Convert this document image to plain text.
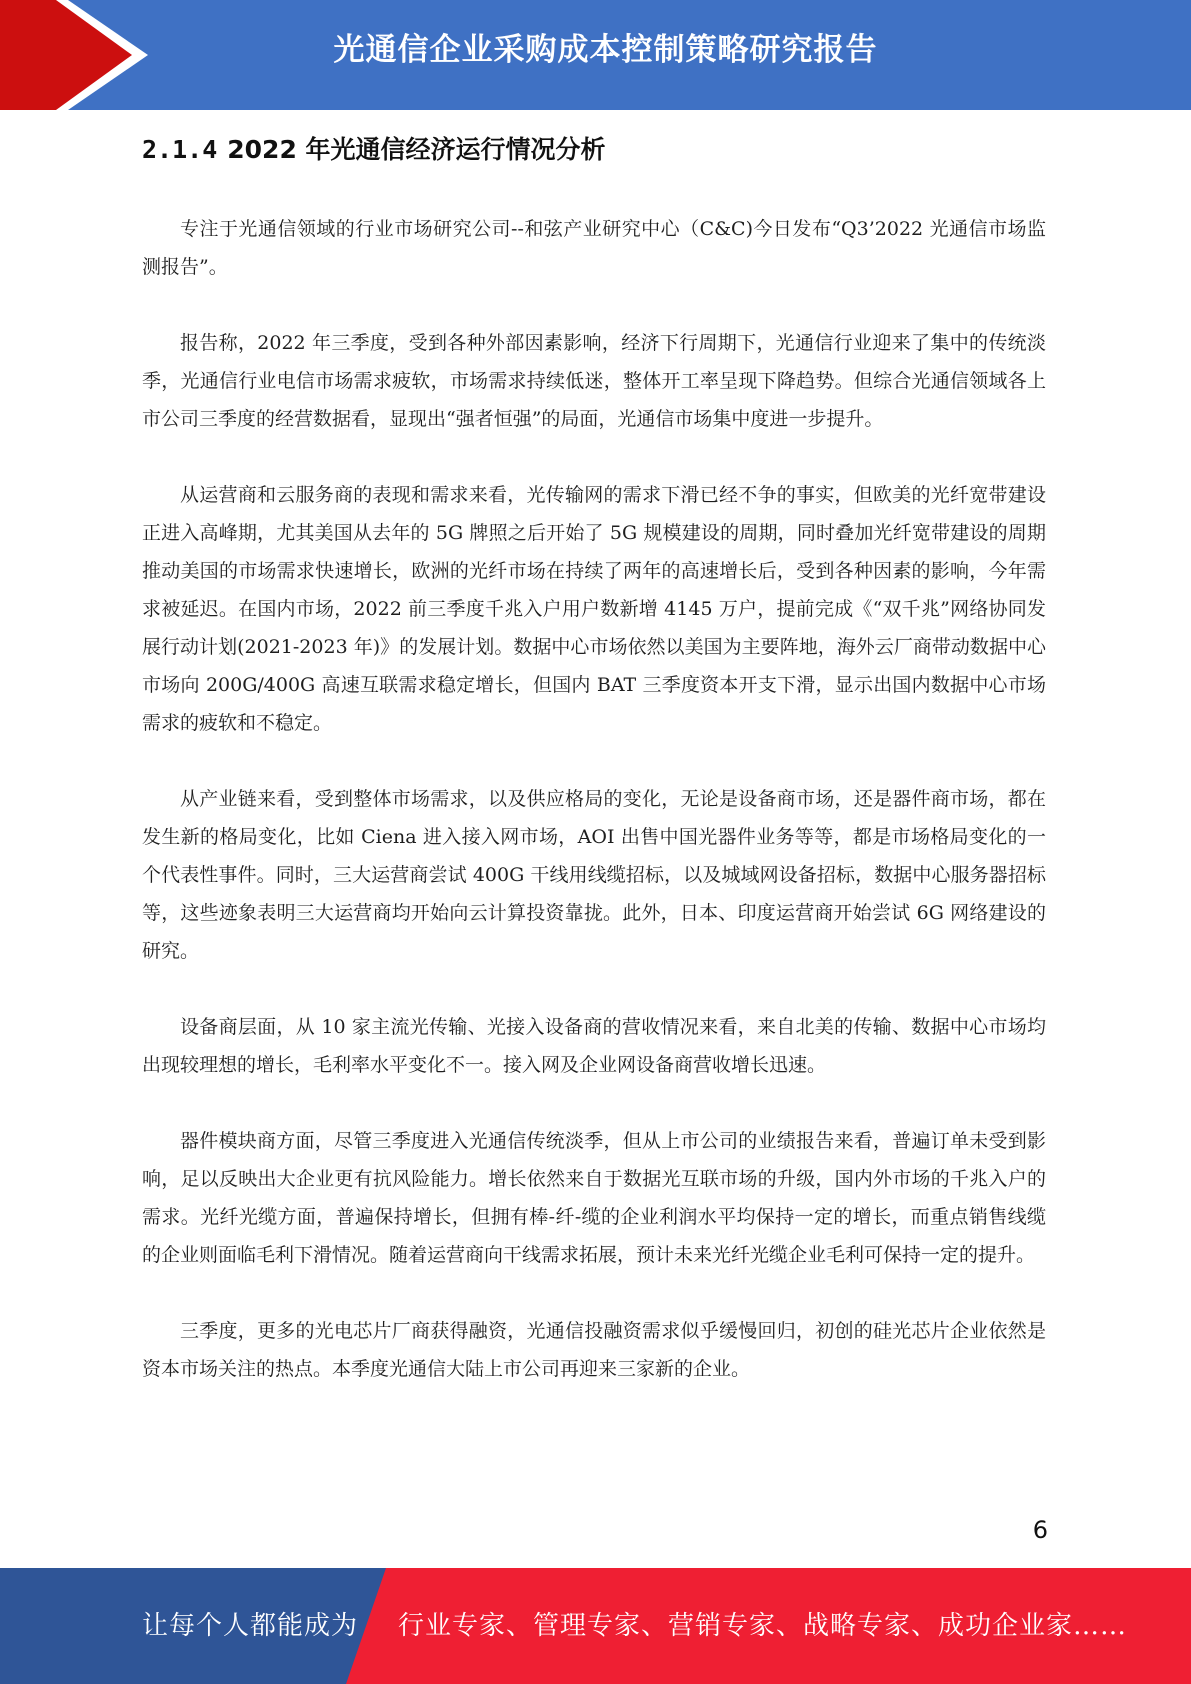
光通信企业采购成本控制策略研究报告
2.1.4 2022 年光通信经济运行情况分析

专注于光通信领域的行业市场研究公司--和弦产业研究中心（C&C)今日发布“Q3’2022 光通信市场监测报告”。

报告称，2022 年三季度，受到各种外部因素影响，经济下行周期下，光通信行业迎来了集中的传统淡季，光通信行业电信市场需求疲软，市场需求持续低迷，整体开工率呈现下降趋势。但综合光通信领域各上市公司三季度的经营数据看，显现出“强者恒强”的局面，光通信市场集中度进一步提升。

从运营商和云服务商的表现和需求来看，光传输网的需求下滑已经不争的事实，但欧美的光纤宽带建设正进入高峰期，尤其美国从去年的 5G 牌照之后开始了 5G 规模建设的周期，同时叠加光纤宽带建设的周期推动美国的市场需求快速增长，欧洲的光纤市场在持续了两年的高速增长后，受到各种因素的影响，今年需求被延迟。在国内市场，2022 前三季度千兆入户用户数新增 4145 万户，提前完成《“双千兆”网络协同发展行动计划(2021-2023 年)》的发展计划。数据中心市场依然以美国为主要阵地，海外云厂商带动数据中心市场向 200G/400G 高速互联需求稳定增长，但国内 BAT 三季度资本开支下滑，显示出国内数据中心市场需求的疲软和不稳定。

从产业链来看，受到整体市场需求，以及供应格局的变化，无论是设备商市场，还是器件商市场，都在发生新的格局变化，比如 Ciena 进入接入网市场，AOI 出售中国光器件业务等等，都是市场格局变化的一个代表性事件。同时，三大运营商尝试 400G 干线用线缆招标，以及城域网设备招标，数据中心服务器招标等，这些迹象表明三大运营商均开始向云计算投资靠拢。此外，日本、印度运营商开始尝试 6G 网络建设的研究。

设备商层面，从 10 家主流光传输、光接入设备商的营收情况来看，来自北美的传输、数据中心市场均出现较理想的增长，毛利率水平变化不一。接入网及企业网设备商营收增长迅速。

器件模块商方面，尽管三季度进入光通信传统淡季，但从上市公司的业绩报告来看，普遍订单未受到影响，足以反映出大企业更有抗风险能力。增长依然来自于数据光互联市场的升级，国内外市场的千兆入户的需求。光纤光缆方面，普遍保持增长，但拥有棒-纤-缆的企业利润水平均保持一定的增长，而重点销售线缆的企业则面临毛利下滑情况。随着运营商向干线需求拓展，预计未来光纤光缆企业毛利可保持一定的提升。

三季度，更多的光电芯片厂商获得融资，光通信投融资需求似乎缓慢回归，初创的硅光芯片企业依然是资本市场关注的热点。本季度光通信大陆上市公司再迎来三家新的企业。

6
让每个人都能成为 行业专家、管理专家、营销专家、战略专家、成功企业家……
